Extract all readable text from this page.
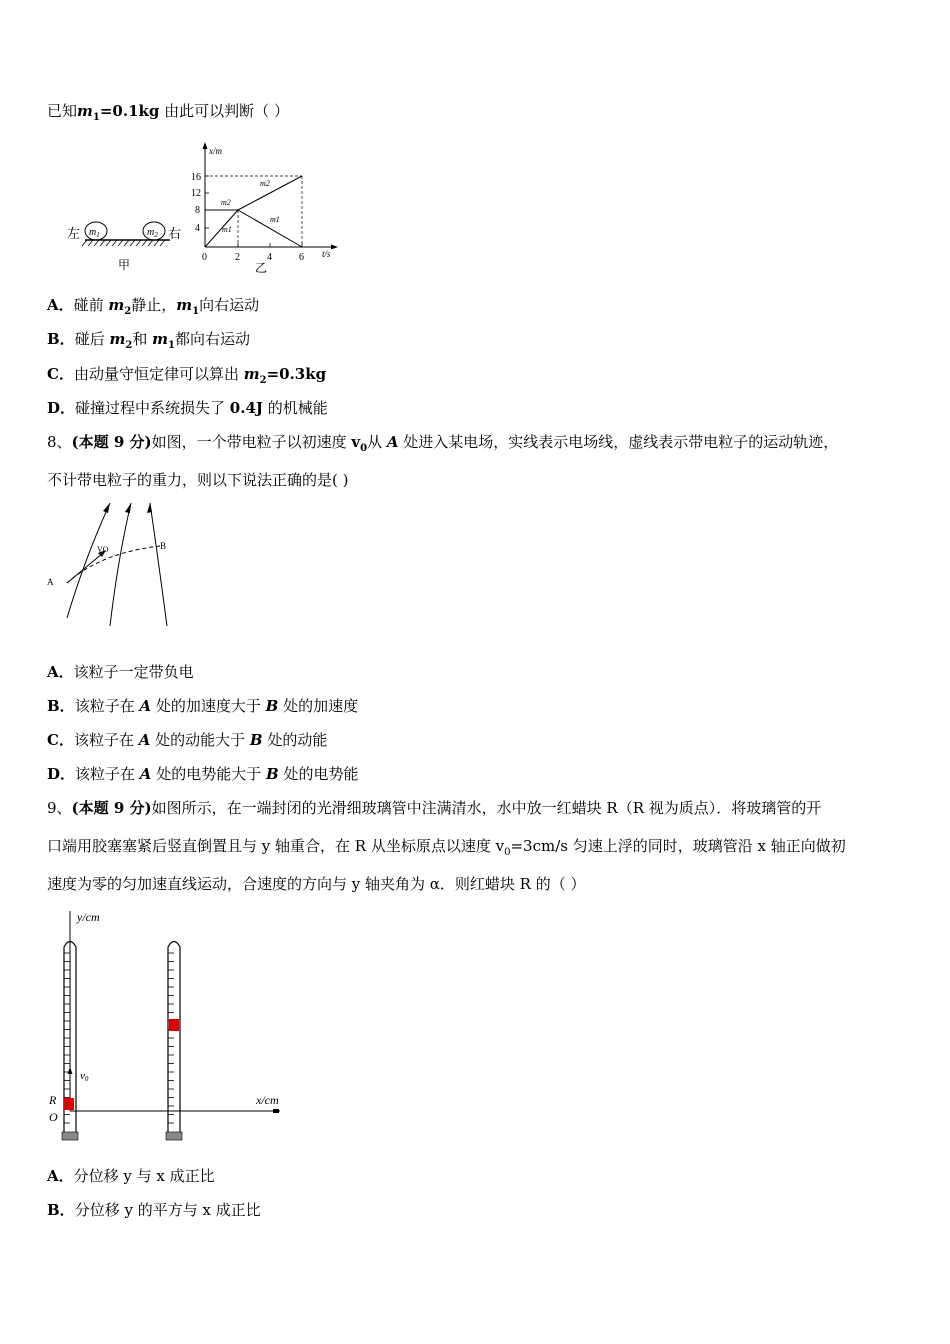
已知$m_1=0.1kg$ 由此可以判断（ ）
$m_1$	$m_2$
左	右
甲
x/m
t/s
16
12
8
4
0	2	4	6
m2
m2
m1
m1
乙
A．碰前 $m_2$静止，$m_1$向右运动
B．碰后 $m_2$和 $m_1$都向右运动
C．由动量守恒定律可以算出 $m_2=0.3kg$
D．碰撞过程中系统损失了 0.4J 的机械能
8、(本题 9 分)如图，一个带电粒子以初速度 $v_0$从 A 处进入某电场，实线表示电场线，虚线表示带电粒子的运动轨迹，
不计带电粒子的重力，则以下说法正确的是( )
A
B
VO
A．该粒子一定带负电
B．该粒子在 A 处的加速度大于 B 处的加速度
C．该粒子在 A 处的动能大于 B 处的动能
D．该粒子在 A 处的电势能大于 B 处的电势能
9、(本题 9 分)如图所示，在一端封闭的光滑细玻璃管中注满清水，水中放一红蜡块 R（R 视为质点）．将玻璃管的开
口端用胶塞塞紧后竖直倒置且与 y 轴重合，在 R 从坐标原点以速度 $v_0=3cm/s$ 匀速上浮的同时，玻璃管沿 x 轴正向做初
速度为零的匀加速直线运动，合速度的方向与 y 轴夹角为 α．则红蜡块 R 的（ ）
y/cm
x/cm
v0
R
O
A．分位移 y 与 x 成正比
B．分位移 y 的平方与 x 成正比
